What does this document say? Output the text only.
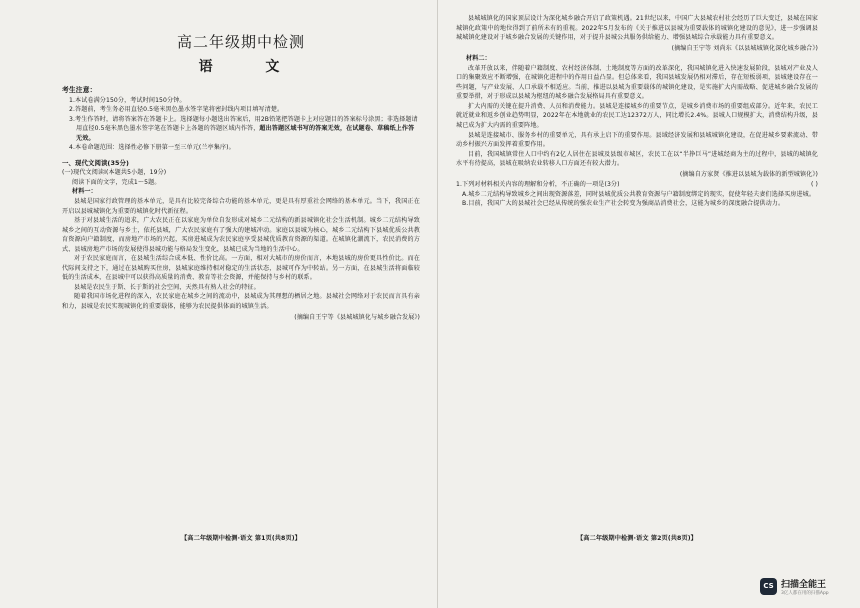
高二年级期中检测
语 文
考生注意：

1.本试卷满分150分，考试时间150分钟。

2.答题前，考生务必用直径0.5毫米黑色墨水签字笔将密封线内项目填写清楚。

3.考生作答时，请将答案答在答题卡上。选择题每小题选出答案后，用2B铅笔把答题卡上对应题目的答案标号涂黑；非选择题请用直径0.5毫米黑色墨水签字笔在答题卡上各题的答题区域内作答，超出答题区域书写的答案无效，在试题卷、草稿纸上作答无效。

4.本卷命题范围：选择性必修下册第一至三单元(兰亭集序)。

一、现代文阅读(35分)
(一)现代文阅读Ⅰ(本题共5小题，19分)
阅读下面的文字，完成1～5题。
材料一：

县城是国家行政管理的基本单元，是具有比较完备综合功能的基本单元，更是具有厚重社会网络的基本单元。当下，我国正在开启以县城城镇化为重要的城镇化时代新征程。

基于对县域生活的追求，广大农民正在以家庭为单位自发形成对城乡二元结构的新县城镇化社会生活机制。城乡二元结构导致城乡之间的互动资源与乡土，依托县城，广大农民家庭有了强大的建城冲动。家庭以县城为核心，城乡二元结构下县城优质公共教育资源向户籍制度，而房地产市场的兴起，买房进城成为农民家庭享受县城优质教育资源的渠道。在城镇化潮流下，农民消费的方式、县城房地产市场的发展使得县城功能与格局发生变化，县城已成为当地的生活中心。

对于农民家庭而言，在县城生活综合成本低、性价比高。一方面，相对大城市的房价而言，本地县城的房价更具性价比。而在代际间支持之下，通过在县城购买住房，县城家庭维持相对稳定的生活状态，县城可作为中转站。另一方面，在县城生活将面临较低的生活成本，在县城中可以获得高质量的消费、教育等社会资源，并能保持与乡村的联系。

县城是农民生于斯、长于斯的社会空间，天然具有熟人社会的特征。

随着我国市场化进程的深入，农民家庭在城乡之间的流动中，县城成为其理想的栖居之地。县城社会网络对于农民而言具有亲和力，县城是农民实现城镇化的重要载体，能够为农民提供体面的城镇生活。

(摘编自王宁等《县城城镇化与城乡融合发展》)
【高二年级期中检测·语文 第1页(共8页)】

县城城镇化的国家顶层设计为深化城乡融合开启了政策机遇。21世纪以来，中国广大县城农村社会经历了巨大变迁，县城在国家城镇化政策中的地位得到了前所未有的重视。2022年5月发布的《关于推进以县城为重要载体的城镇化建设的意见》，进一步强调县城城镇化建设对于城乡融合发展的关键作用，对于提升县城公共服务供给能力、增强县城综合承载能力具有重要意义。

(摘编自王宁等 刘尚东《以县城城镇化深化城乡融合》)
材料二：

改革开放以来，伴随着户籍制度、农村经济体制、土地制度等方面的改革深化，我国城镇化进入快速发展阶段，县城对产业及人口的集聚效应不断增强，在城镇化进程中的作用日益凸显。但总体来看，我国县城发展仍相对滞后，存在短板弱项，县城建设存在一些问题，与产业发展、人口承载不相适应。当前，推进以县城为重要载体的城镇化建设，是实施扩大内需战略、促进城乡融合发展的重要举措，对于形成以县城为枢纽的城乡融合发展格局具有重要意义。

扩大内需的关键在提升消费、人员和消费能力。县城是连接城乡的重要节点，是城乡消费市场的重要组成部分。近年来，农民工就近就业和返乡创业趋势明显，2022年在本地就业的农民工达12372万人，同比增长2.4%。县城人口规模扩大，消费结构升级，县城已成为扩大内需的重要阵地。

县城是连接城市、服务乡村的重要单元，具有承上启下的重要作用。县域经济发展和县城城镇化建设，在促进城乡要素流动、带动乡村振兴方面发挥着重要作用。

目前，我国城镇常住人口中约有2亿人居住在县城及县级市城区，农民工在以“半挣巨马”进城经商为主的过程中，县城的城镇化水平有待提高，县城在吸纳农业转移人口方面还有较大潜力。

(摘编自方家贤《推进以县城为载体的新型城镇化》)

1.下列对材料相关内容的理解和分析，不正确的一项是(3分)	( )

A.城乡二元结构导致城乡之间出现资源落差，同时县城优质公共教育资源与户籍制度绑定的现实，促使年轻夫妻们选择买房进城。

B.目前，我国广大的县城社会已经从传统的强农业生产社会转变为强商品消费社会，这能为城乡的深度融合提供动力。

【高二年级期中检测·语文 第2页(共8页)】
CS 扫描全能王
3亿人都在用的扫描App
